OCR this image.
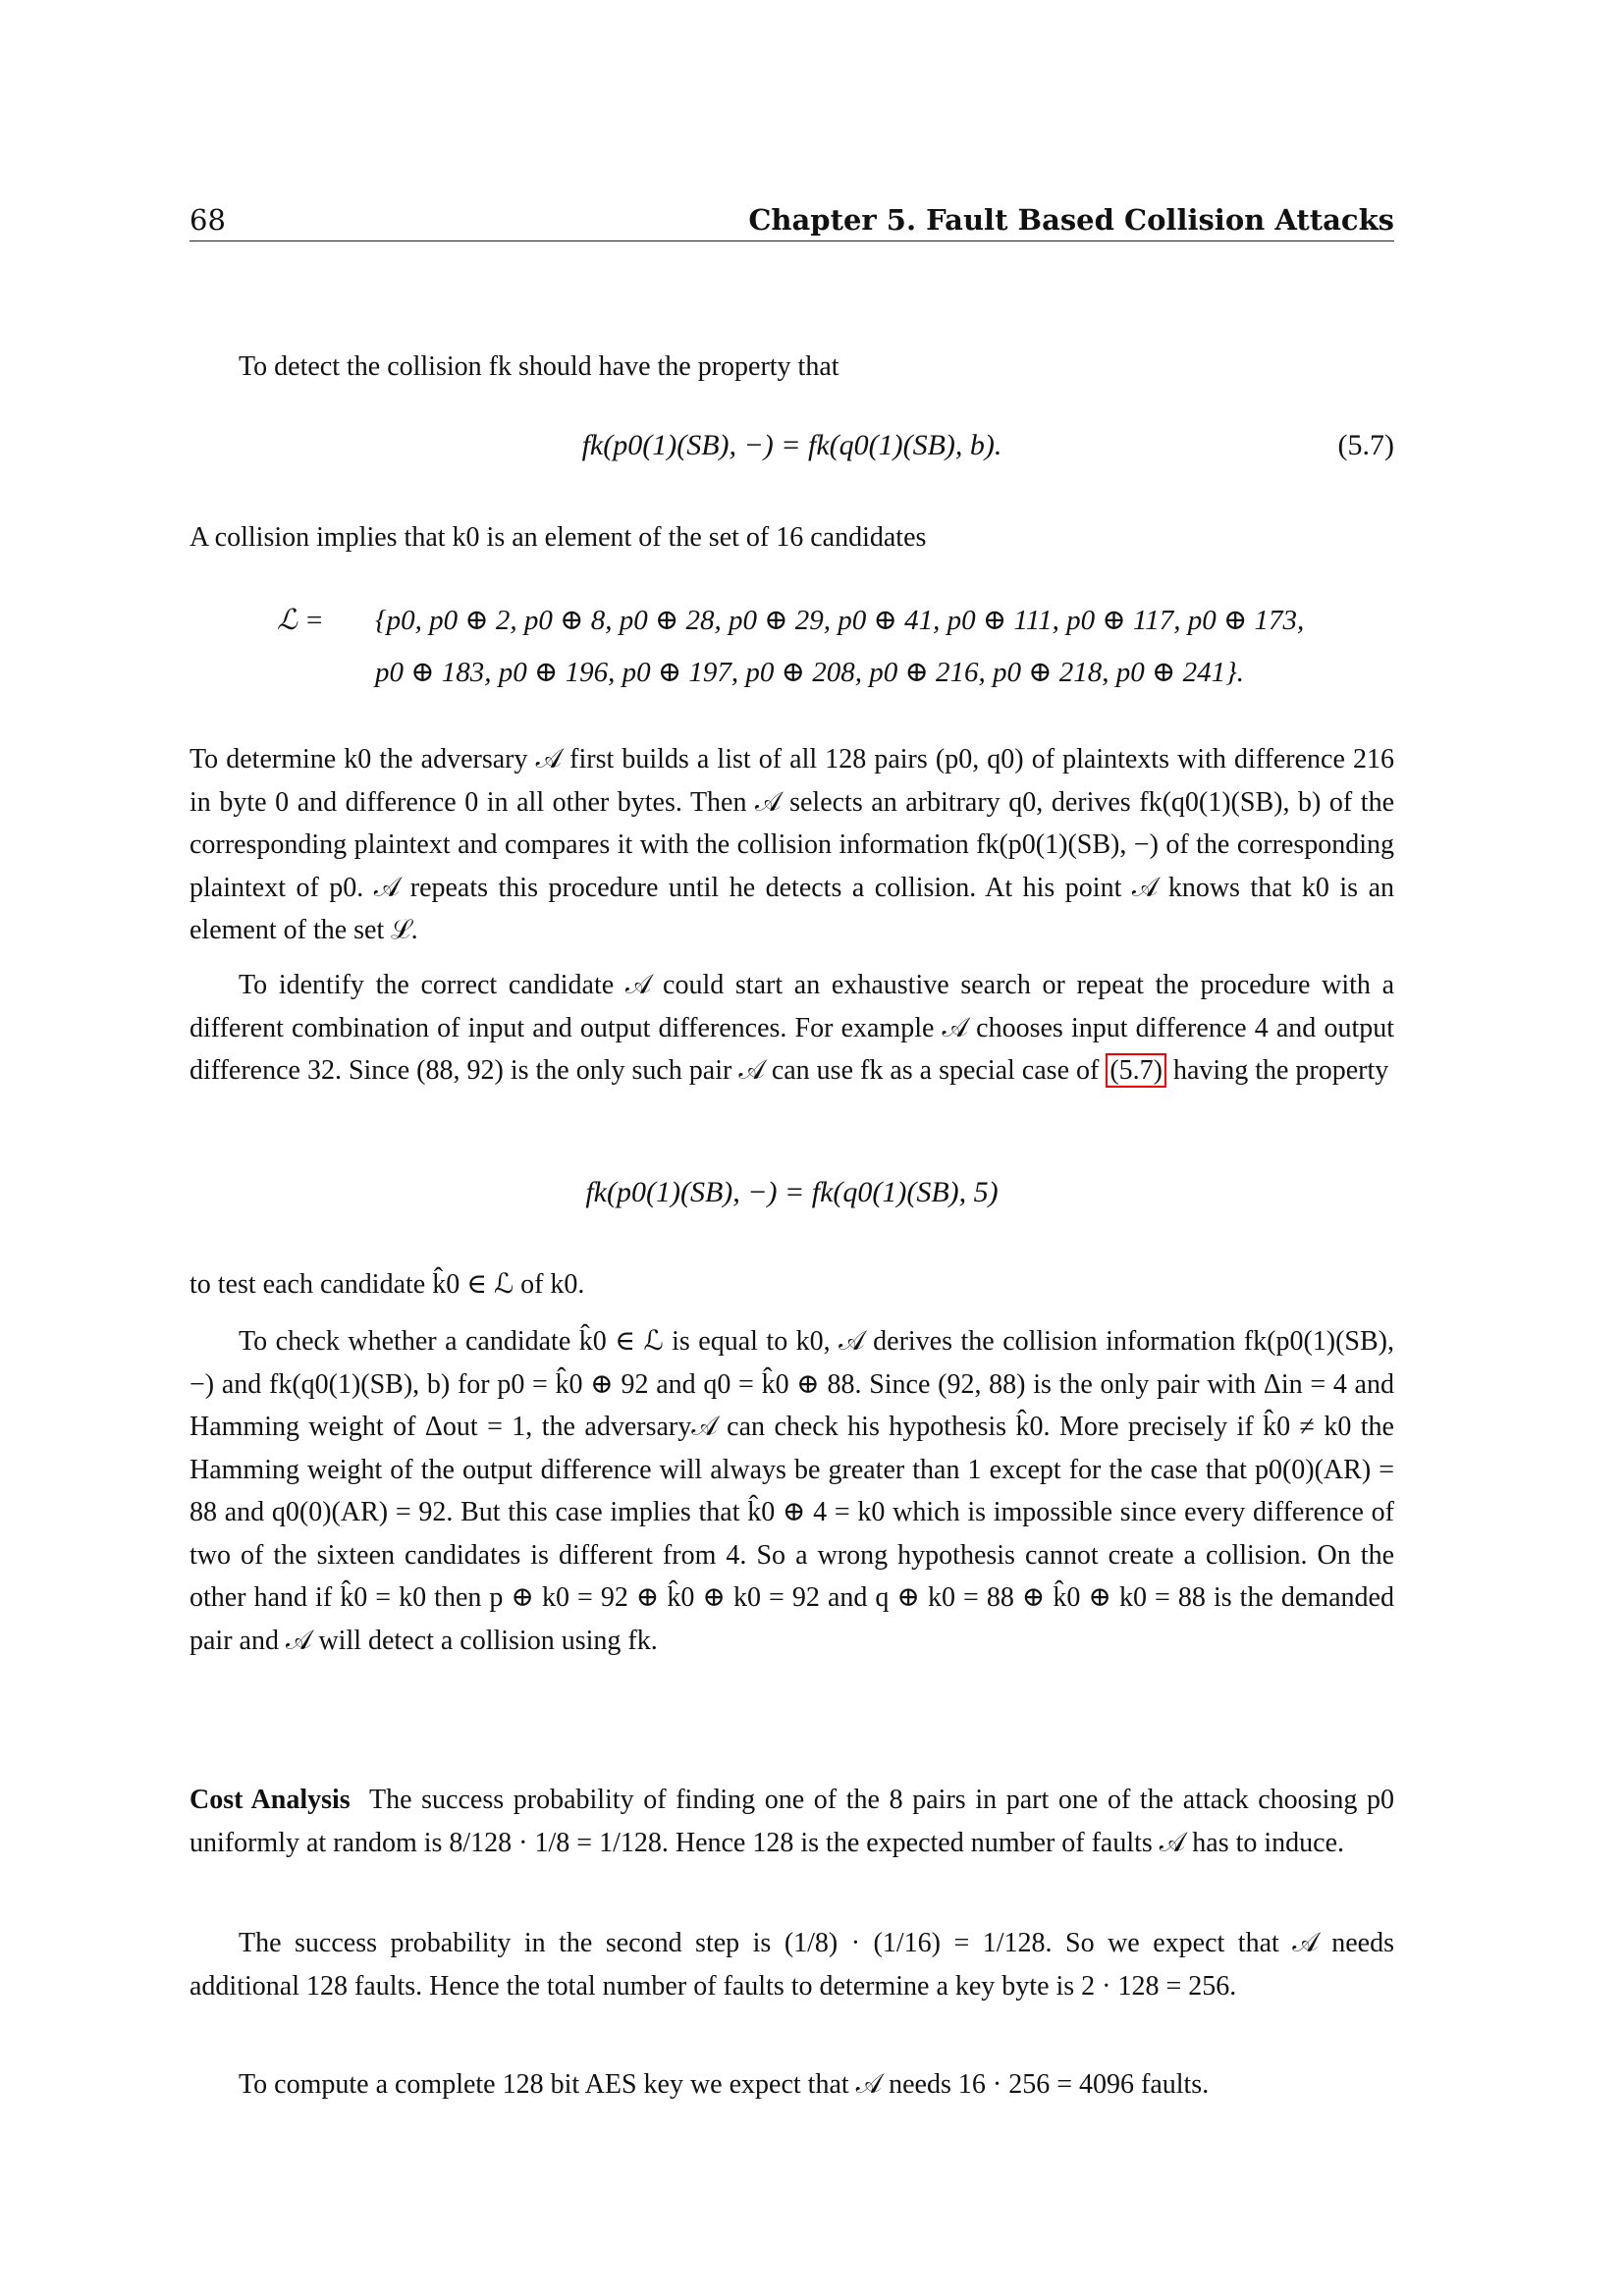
68	Chapter 5. Fault Based Collision Attacks
To detect the collision fk should have the property that
fk(p0(1)(SB), −) = fk(q0(1)(SB), b).	(5.7)
A collision implies that k0 is an element of the set of 16 candidates
ℒ = {p0, p0 ⊕ 2, p0 ⊕ 8, p0 ⊕ 28, p0 ⊕ 29, p0 ⊕ 41, p0 ⊕ 111, p0 ⊕ 117, p0 ⊕ 173,
p0 ⊕ 183, p0 ⊕ 196, p0 ⊕ 197, p0 ⊕ 208, p0 ⊕ 216, p0 ⊕ 218, p0 ⊕ 241}.
To determine k0 the adversary 𝒜 first builds a list of all 128 pairs (p0, q0) of plaintexts with difference 216 in byte 0 and difference 0 in all other bytes. Then 𝒜 selects an arbitrary q0, derives fk(q0(1)(SB), b) of the corresponding plaintext and compares it with the collision information fk(p0(1)(SB), −) of the corresponding plaintext of p0. 𝒜 repeats this procedure until he detects a collision. At his point 𝒜 knows that k0 is an element of the set ℒ.
To identify the correct candidate 𝒜 could start an exhaustive search or repeat the procedure with a different combination of input and output differences. For example 𝒜 chooses input difference 4 and output difference 32. Since (88, 92) is the only such pair 𝒜 can use fk as a special case of (5.7) having the property
fk(p0(1)(SB), −) = fk(q0(1)(SB), 5)
to test each candidate k̂0 ∈ ℒ of k0.
To check whether a candidate k̂0 ∈ ℒ is equal to k0, 𝒜 derives the collision information fk(p0(1)(SB), −) and fk(q0(1)(SB), b) for p0 = k̂0 ⊕ 92 and q0 = k̂0 ⊕ 88. Since (92, 88) is the only pair with Δin = 4 and Hamming weight of Δout = 1, the adversary𝒜 can check his hypothesis k̂0. More precisely if k̂0 ≠ k0 the Hamming weight of the output difference will always be greater than 1 except for the case that p0(0)(AR) = 88 and q0(0)(AR) = 92. But this case implies that k̂0 ⊕ 4 = k0 which is impossible since every difference of two of the sixteen candidates is different from 4. So a wrong hypothesis cannot create a collision. On the other hand if k̂0 = k0 then p ⊕ k0 = 92 ⊕ k̂0 ⊕ k0 = 92 and q ⊕ k0 = 88 ⊕ k̂0 ⊕ k0 = 88 is the demanded pair and 𝒜 will detect a collision using fk.
Cost Analysis The success probability of finding one of the 8 pairs in part one of the attack choosing p0 uniformly at random is 8/128 · 1/8 = 1/128. Hence 128 is the expected number of faults 𝒜 has to induce.
The success probability in the second step is (1/8) · (1/16) = 1/128. So we expect that 𝒜 needs additional 128 faults. Hence the total number of faults to determine a key byte is 2 · 128 = 256.
To compute a complete 128 bit AES key we expect that 𝒜 needs 16 · 256 = 4096 faults.
